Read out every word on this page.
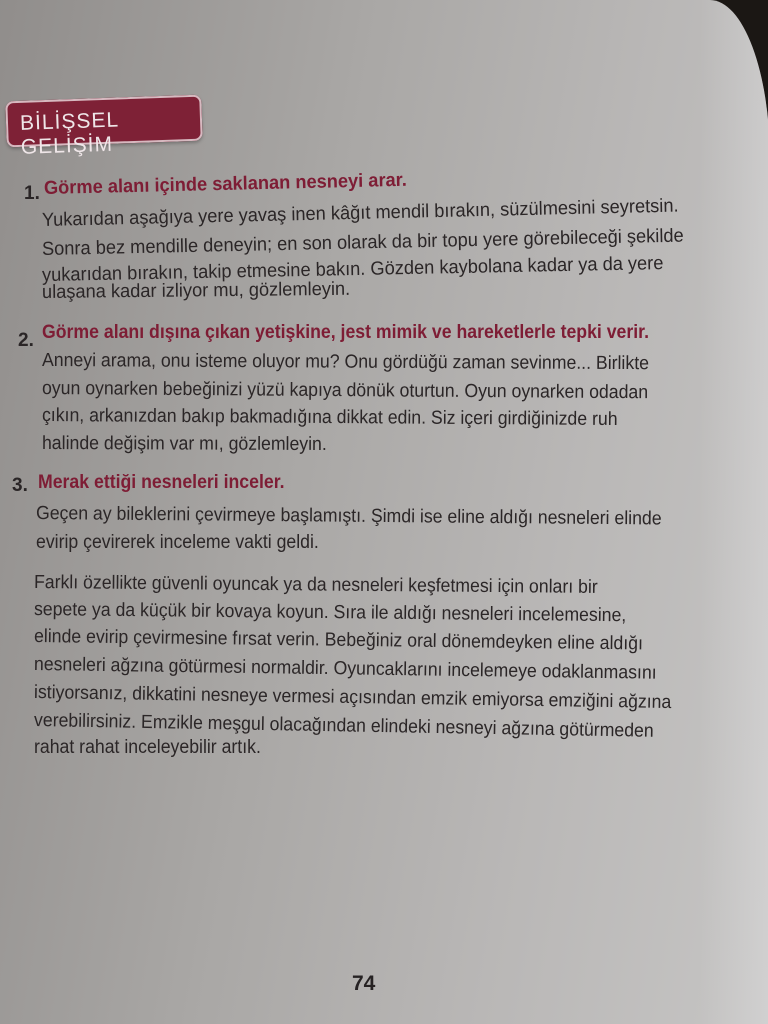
BİLİŞSEL GELİŞİM
1. Görme alanı içinde saklanan nesneyi arar.
Yukarıdan aşağıya yere yavaş inen kâğıt mendil bırakın, süzülmesini seyretsin.
Sonra bez mendille deneyin; en son olarak da bir topu yere görebileceği şekilde
yukarıdan bırakın, takip etmesine bakın. Gözden kaybolana kadar ya da yere
ulaşana kadar izliyor mu, gözlemleyin.
2. Görme alanı dışına çıkan yetişkine, jest mimik ve hareketlerle tepki verir.
Anneyi arama, onu isteme oluyor mu? Onu gördüğü zaman sevinme... Birlikte
oyun oynarken bebeğinizi yüzü kapıya dönük oturtun. Oyun oynarken odadan
çıkın, arkanızdan bakıp bakmadığına dikkat edin. Siz içeri girdiğinizde ruh
halinde değişim var mı, gözlemleyin.
3. Merak ettiği nesneleri inceler.
Geçen ay bileklerini çevirmeye başlamıştı. Şimdi ise eline aldığı nesneleri elinde
evirip çevirerek inceleme vakti geldi.
Farklı özellikte güvenli oyuncak ya da nesneleri keşfetmesi için onları bir
sepete ya da küçük bir kovaya koyun. Sıra ile aldığı nesneleri incelemesine,
elinde evirip çevirmesine fırsat verin. Bebeğiniz oral dönemdeyken eline aldığı
nesneleri ağzına götürmesi normaldir. Oyuncaklarını incelemeye odaklanmasını
istiyorsanız, dikkatini nesneye vermesi açısından emzik emiyorsa emziğini ağzına
verebilirsiniz. Emzikle meşgul olacağından elindeki nesneyi ağzına götürmeden
rahat rahat inceleyebilir artık.
74
